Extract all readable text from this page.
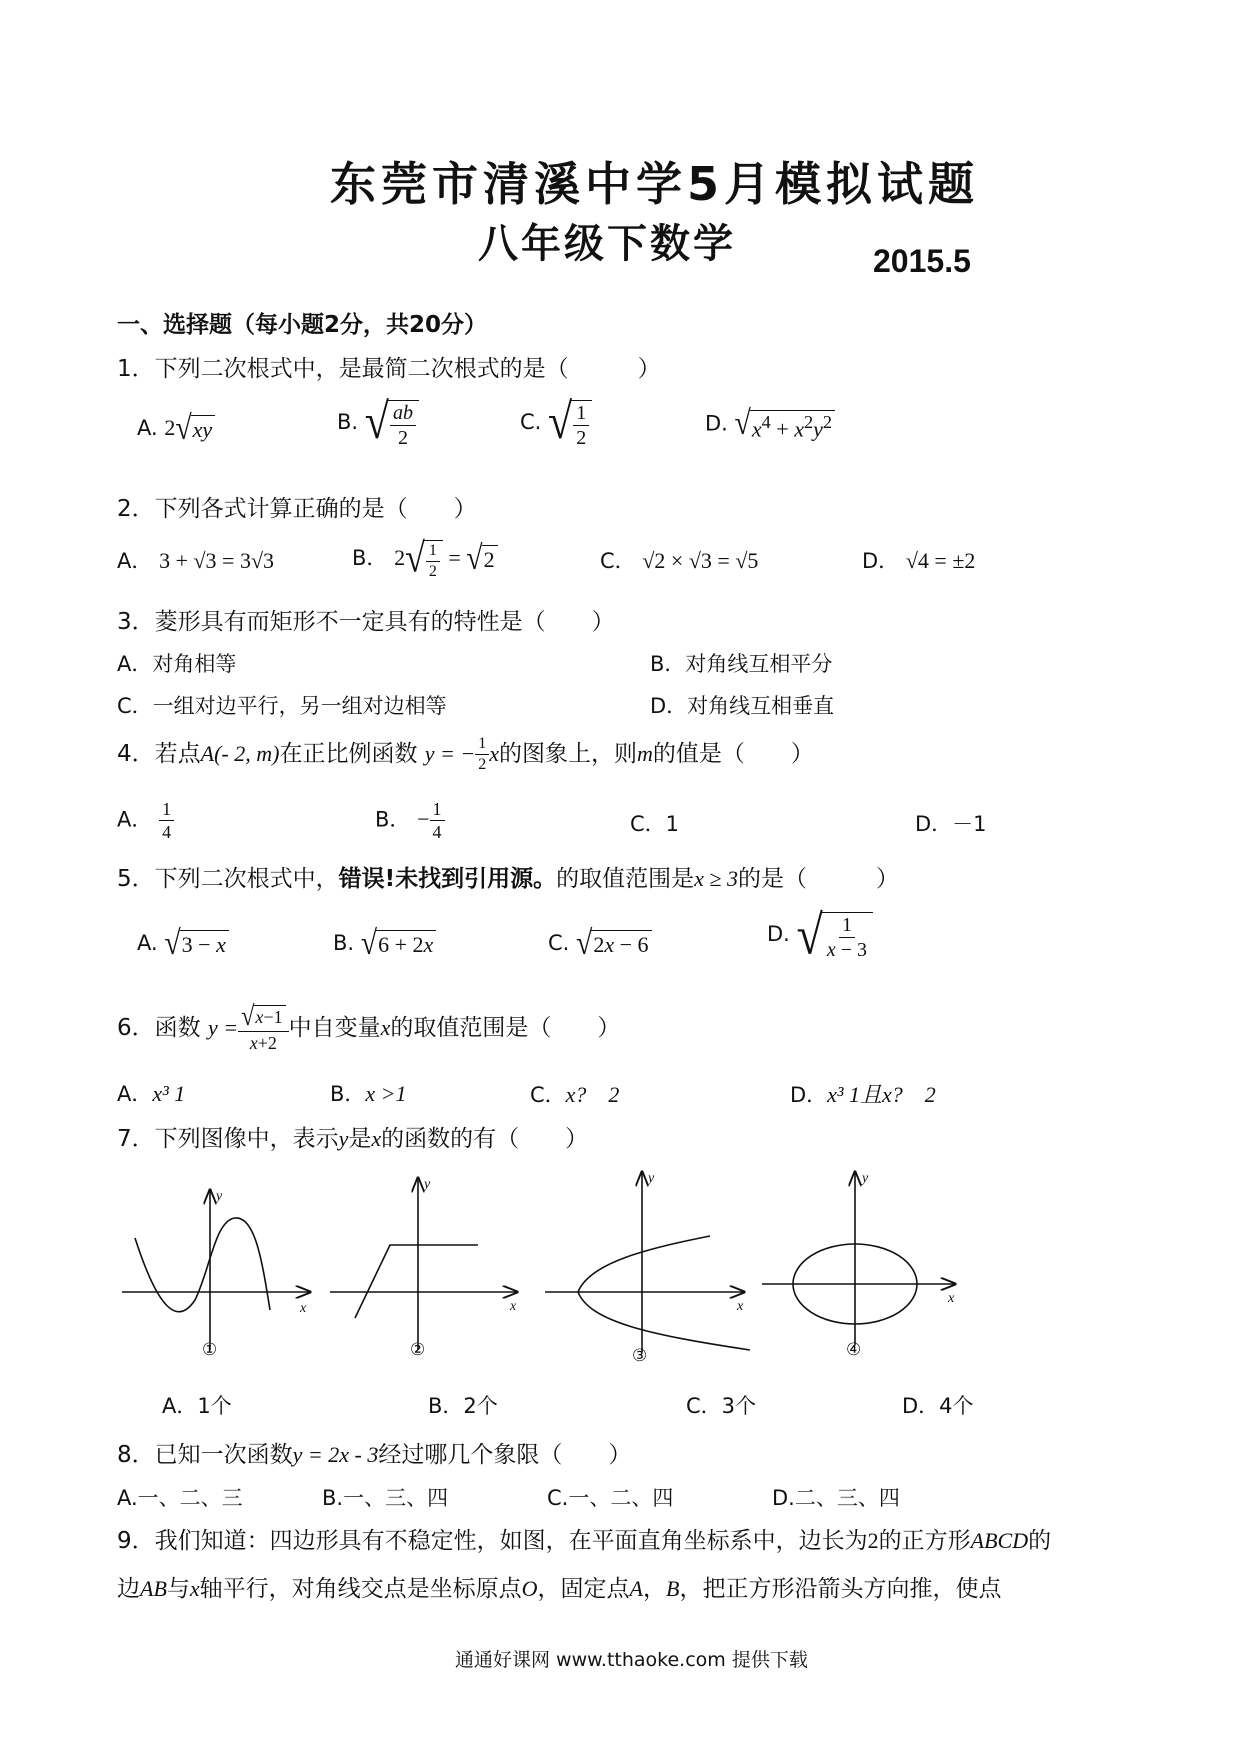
东莞市清溪中学5月模拟试题
八年级下数学	2015.5
一、选择题（每小题2分，共20分）
1．下列二次根式中，是最简二次根式的是（　　　）
A. 2 √ xy	B. √ $\frac{ab}{2}$	C. √ $\frac{1}{2}$	D. √ $x^4 + x^2y^2$
2．下列各式计算正确的是（　　）
A． 3 + √3 = 3√3	B． 2 √ $\frac{1}{2}$ = √ 2	C． √2 × √3 = √5	D． √4 = ±2
3．菱形具有而矩形不一定具有的特性是（　　）
A．对角相等	B．对角线互相平分
C．一组对边平行，另一组对边相等	D．对角线互相垂直
4．若点A(- 2, m)在正比例函数 y = − $\frac{1}{2}$ x的图象上，则m的值是（　　）
A． $\frac{1}{4}$	B． − $\frac{1}{4}$	C．1	D．－1
5．下列二次根式中，错误!未找到引用源。的取值范围是x ≥ 3的是（　　　）
A. √ 3 − x	B. √ 6 + 2x	C. √ 2x − 6	D. √ $\frac{1}{x - 3}$
6．函数 $y = \frac{√ x-1}{x+2}$ 中自变量x的取值范围是（　　）
A．x³ 1	B．x >1	C．x?　2	D．x³ 1且x?　2
7．下列图像中，表示y是x的函数的有（　　）
y
x
y
x
y
x
y
x
①	②	③	④
A．1个	B．2个	C．3个	D．4个
8．已知一次函数y = 2x - 3经过哪几个象限（　　）
A.一、二、三	B.一、三、四	C.一、二、四	D.二、三、四
9．我们知道：四边形具有不稳定性，如图，在平面直角坐标系中，边长为2的正方形ABCD的
边AB与x轴平行，对角线交点是坐标原点O，固定点A，B，把正方形沿箭头方向推，使点
通通好课网 www.tthaoke.com 提供下载
